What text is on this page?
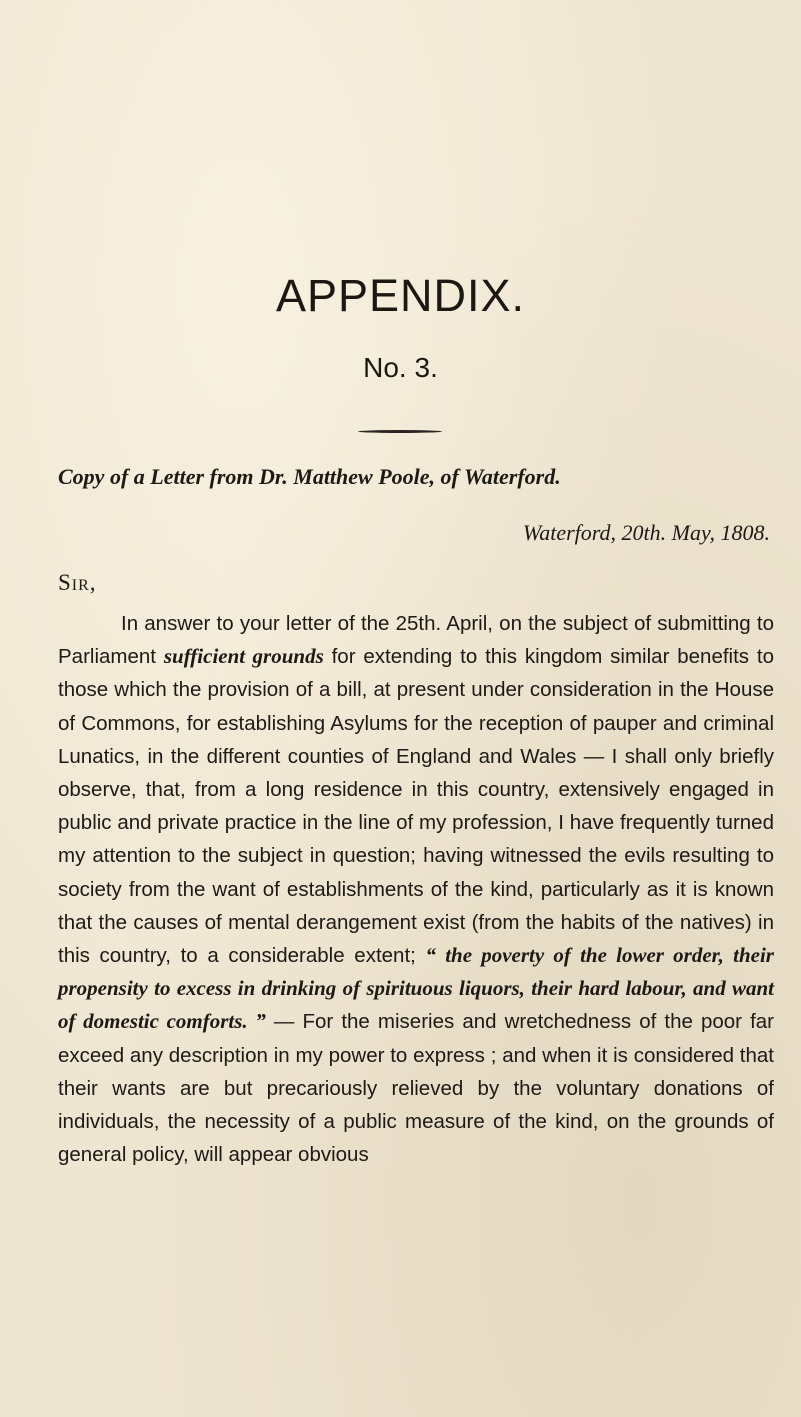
APPENDIX.
No. 3.
Copy of a Letter from Dr. Matthew Poole, of Waterford.
Waterford, 20th. May, 1808.
Sir,

In answer to your letter of the 25th. April, on the subject of submitting to Parliament sufficient grounds for extending to this kingdom similar benefits to those which the provision of a bill, at present under consideration in the House of Commons, for establishing Asylums for the reception of pauper and criminal Lunatics, in the different counties of England and Wales — I shall only briefly observe, that, from a long residence in this country, extensively engaged in public and private practice in the line of my profession, I have frequently turned my attention to the subject in question; having witnessed the evils resulting to society from the want of establishments of the kind, particularly as it is known that the causes of mental derangement exist (from the habits of the natives) in this country, to a considerable extent; “ the poverty of the lower order, their propensity to excess in drinking of spirituous liquors, their hard labour, and want of domestic comforts. ” — For the miseries and wretchedness of the poor far exceed any description in my power to express ; and when it is considered that their wants are but precariously relieved by the voluntary donations of individuals, the necessity of a public measure of the kind, on the grounds of general policy, will appear obvious
